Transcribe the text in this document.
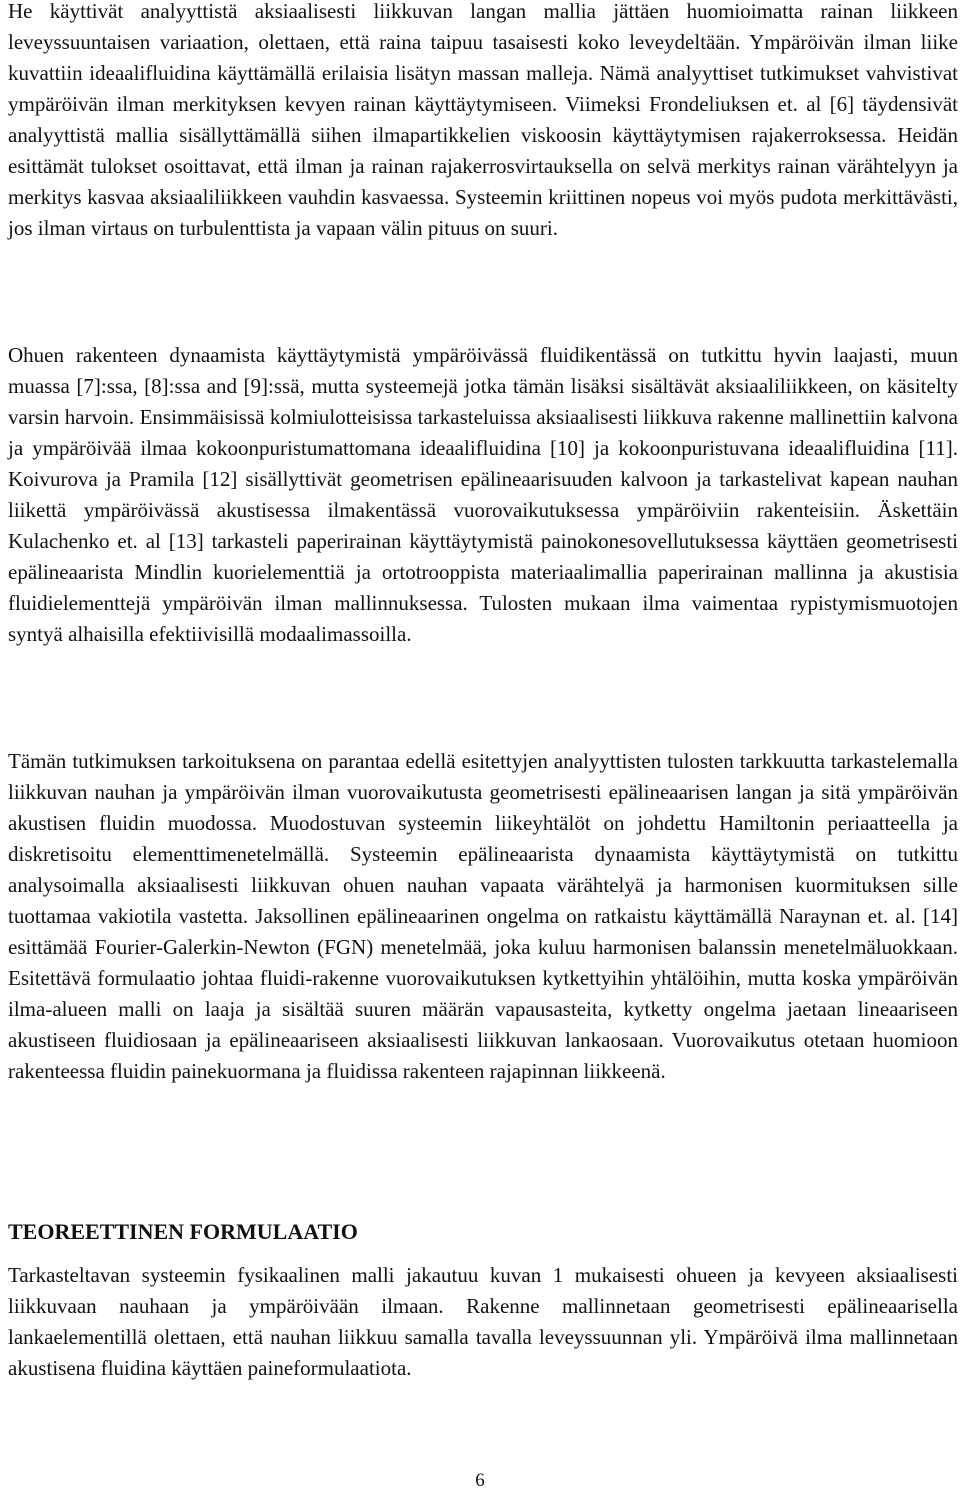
He käyttivät analyyttistä aksiaalisesti liikkuvan langan mallia jättäen huomioimatta rainan liikkeen leveyssuuntaisen variaation, olettaen, että raina taipuu tasaisesti koko leveydeltään. Ympäröivän ilman liike kuvattiin ideaalifluidina käyttämällä erilaisia lisätyn massan malleja. Nämä analyyttiset tutkimukset vahvistivat ympäröivän ilman merkityksen kevyen rainan käyttäytymiseen. Viimeksi Frondeliuksen et. al [6] täydensivät analyyttistä mallia sisällyttämällä siihen ilmapartikkelien viskoosin käyttäytymisen rajakerroksessa. Heidän esittämät tulokset osoittavat, että ilman ja rainan rajakerrosvirtauksella on selvä merkitys rainan värähtelyyn ja merkitys kasvaa aksiaaliliikkeen vauhdin kasvaessa. Systeemin kriittinen nopeus voi myös pudota merkittävästi, jos ilman virtaus on turbulenttista ja vapaan välin pituus on suuri.

Ohuen rakenteen dynaamista käyttäytymistä ympäröivässä fluidikentässä on tutkittu hyvin laajasti, muun muassa [7]:ssa, [8]:ssa and [9]:ssä, mutta systeemejä jotka tämän lisäksi sisältävät aksiaaliliikkeen, on käsitelty varsin harvoin. Ensimmäisissä kolmiulotteisissa tarkasteluissa aksiaalisesti liikkuva rakenne mallinettiin kalvona ja ympäröivää ilmaa kokoonpuristumattomana ideaalifluidina [10] ja kokoonpuristuvana ideaalifluidina [11]. Koivurova ja Pramila [12] sisällyttivät geometrisen epälineaarisuuden kalvoon ja tarkastelivat kapean nauhan liikettä ympäröivässä akustisessa ilmakentässä vuorovaikutuksessa ympäröiviin rakenteisiin. Äskettäin Kulachenko et. al [13] tarkasteli paperirainan käyttäytymistä painokonesovellutuksessa käyttäen geometrisesti epälineaarista Mindlin kuorielementtiä ja ortotrooppista materiaalimallia paperirainan mallinna ja akustisia fluidielementtejä ympäröivän ilman mallinnuksessa. Tulosten mukaan ilma vaimentaa rypistymismuotojen syntyä alhaisilla efektiivisillä modaalimassoilla.

Tämän tutkimuksen tarkoituksena on parantaa edellä esitettyjen analyyttisten tulosten tarkkuutta tarkastelemalla liikkuvan nauhan ja ympäröivän ilman vuorovaikutusta geometrisesti epälineaarisen langan ja sitä ympäröivän akustisen fluidin muodossa. Muodostuvan systeemin liikeyhtälöt on johdettu Hamiltonin periaatteella ja diskretisoitu elementtimenetelmällä. Systeemin epälineaarista dynaamista käyttäytymistä on tutkittu analysoimalla aksiaalisesti liikkuvan ohuen nauhan vapaata värähtelyä ja harmonisen kuormituksen sille tuottamaa vakiotila vastetta. Jaksollinen epälineaarinen ongelma on ratkaistu käyttämällä Naraynan et. al. [14] esittämää Fourier-Galerkin-Newton (FGN) menetelmää, joka kuluu harmonisen balanssin menetelmäluokkaan. Esitettävä formulaatio johtaa fluidi-rakenne vuorovaikutuksen kytkettyihin yhtälöihin, mutta koska ympäröivän ilma-alueen malli on laaja ja sisältää suuren määrän vapausasteita, kytketty ongelma jaetaan lineaariseen akustiseen fluidiosaan ja epälineaariseen aksiaalisesti liikkuvan lankaosaan. Vuorovaikutus otetaan huomioon rakenteessa fluidin painekuormana ja fluidissa rakenteen rajapinnan liikkeenä.

TEOREETTINEN FORMULAATIO

Tarkasteltavan systeemin fysikaalinen malli jakautuu kuvan 1 mukaisesti ohueen ja kevyeen aksiaalisesti liikkuvaan nauhaan ja ympäröivään ilmaan. Rakenne mallinnetaan geometrisesti epälineaarisella lankaelementillä olettaen, että nauhan liikkuu samalla tavalla leveyssuunnan yli. Ympäröivä ilma mallinnetaan akustisena fluidina käyttäen paineformulaatiota.

6
